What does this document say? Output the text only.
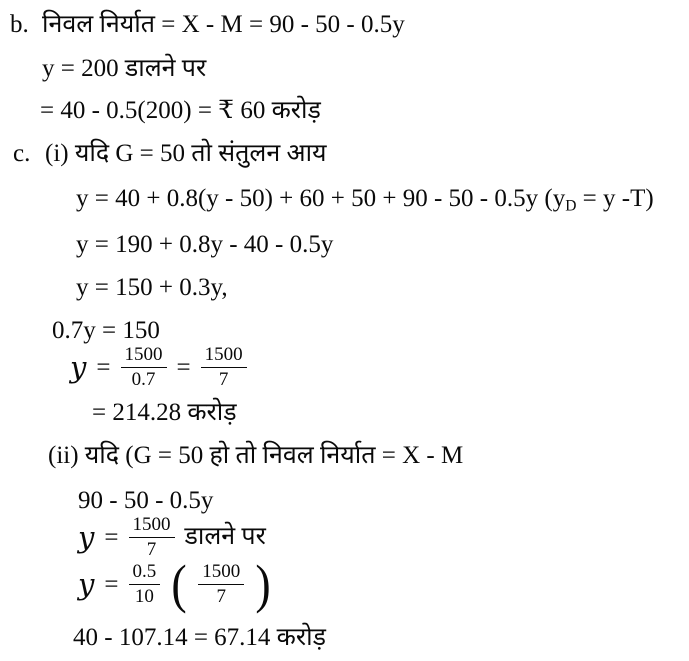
b. निवल निर्यात = X - M = 90 - 50 - 0.5y
y = 200 डालने पर
= 40 - 0.5(200) = ₹ 60 करोड़
c. (i) यदि G = 50 तो संतुलन आय
y = 40 + 0.8(y - 50) + 60 + 50 + 90 - 50 - 0.5y ($y_D = y$ -T)
y = 190 + 0.8y - 40 - 0.5y
y = 150 + 0.3y,
0.7y = 150
$y = \frac{1500}{0.7} = \frac{1500}{7}$
= 214.28 करोड़
(ii) यदि (G = 50 हो तो निवल निर्यात = X - M
90 - 50 - 0.5y
$y = \frac{1500}{7}$ डालने पर
$y = \frac{0.5}{10}$ ( $\frac{1500}{7}$ )
40 - 107.14 = 67.14 करोड़
